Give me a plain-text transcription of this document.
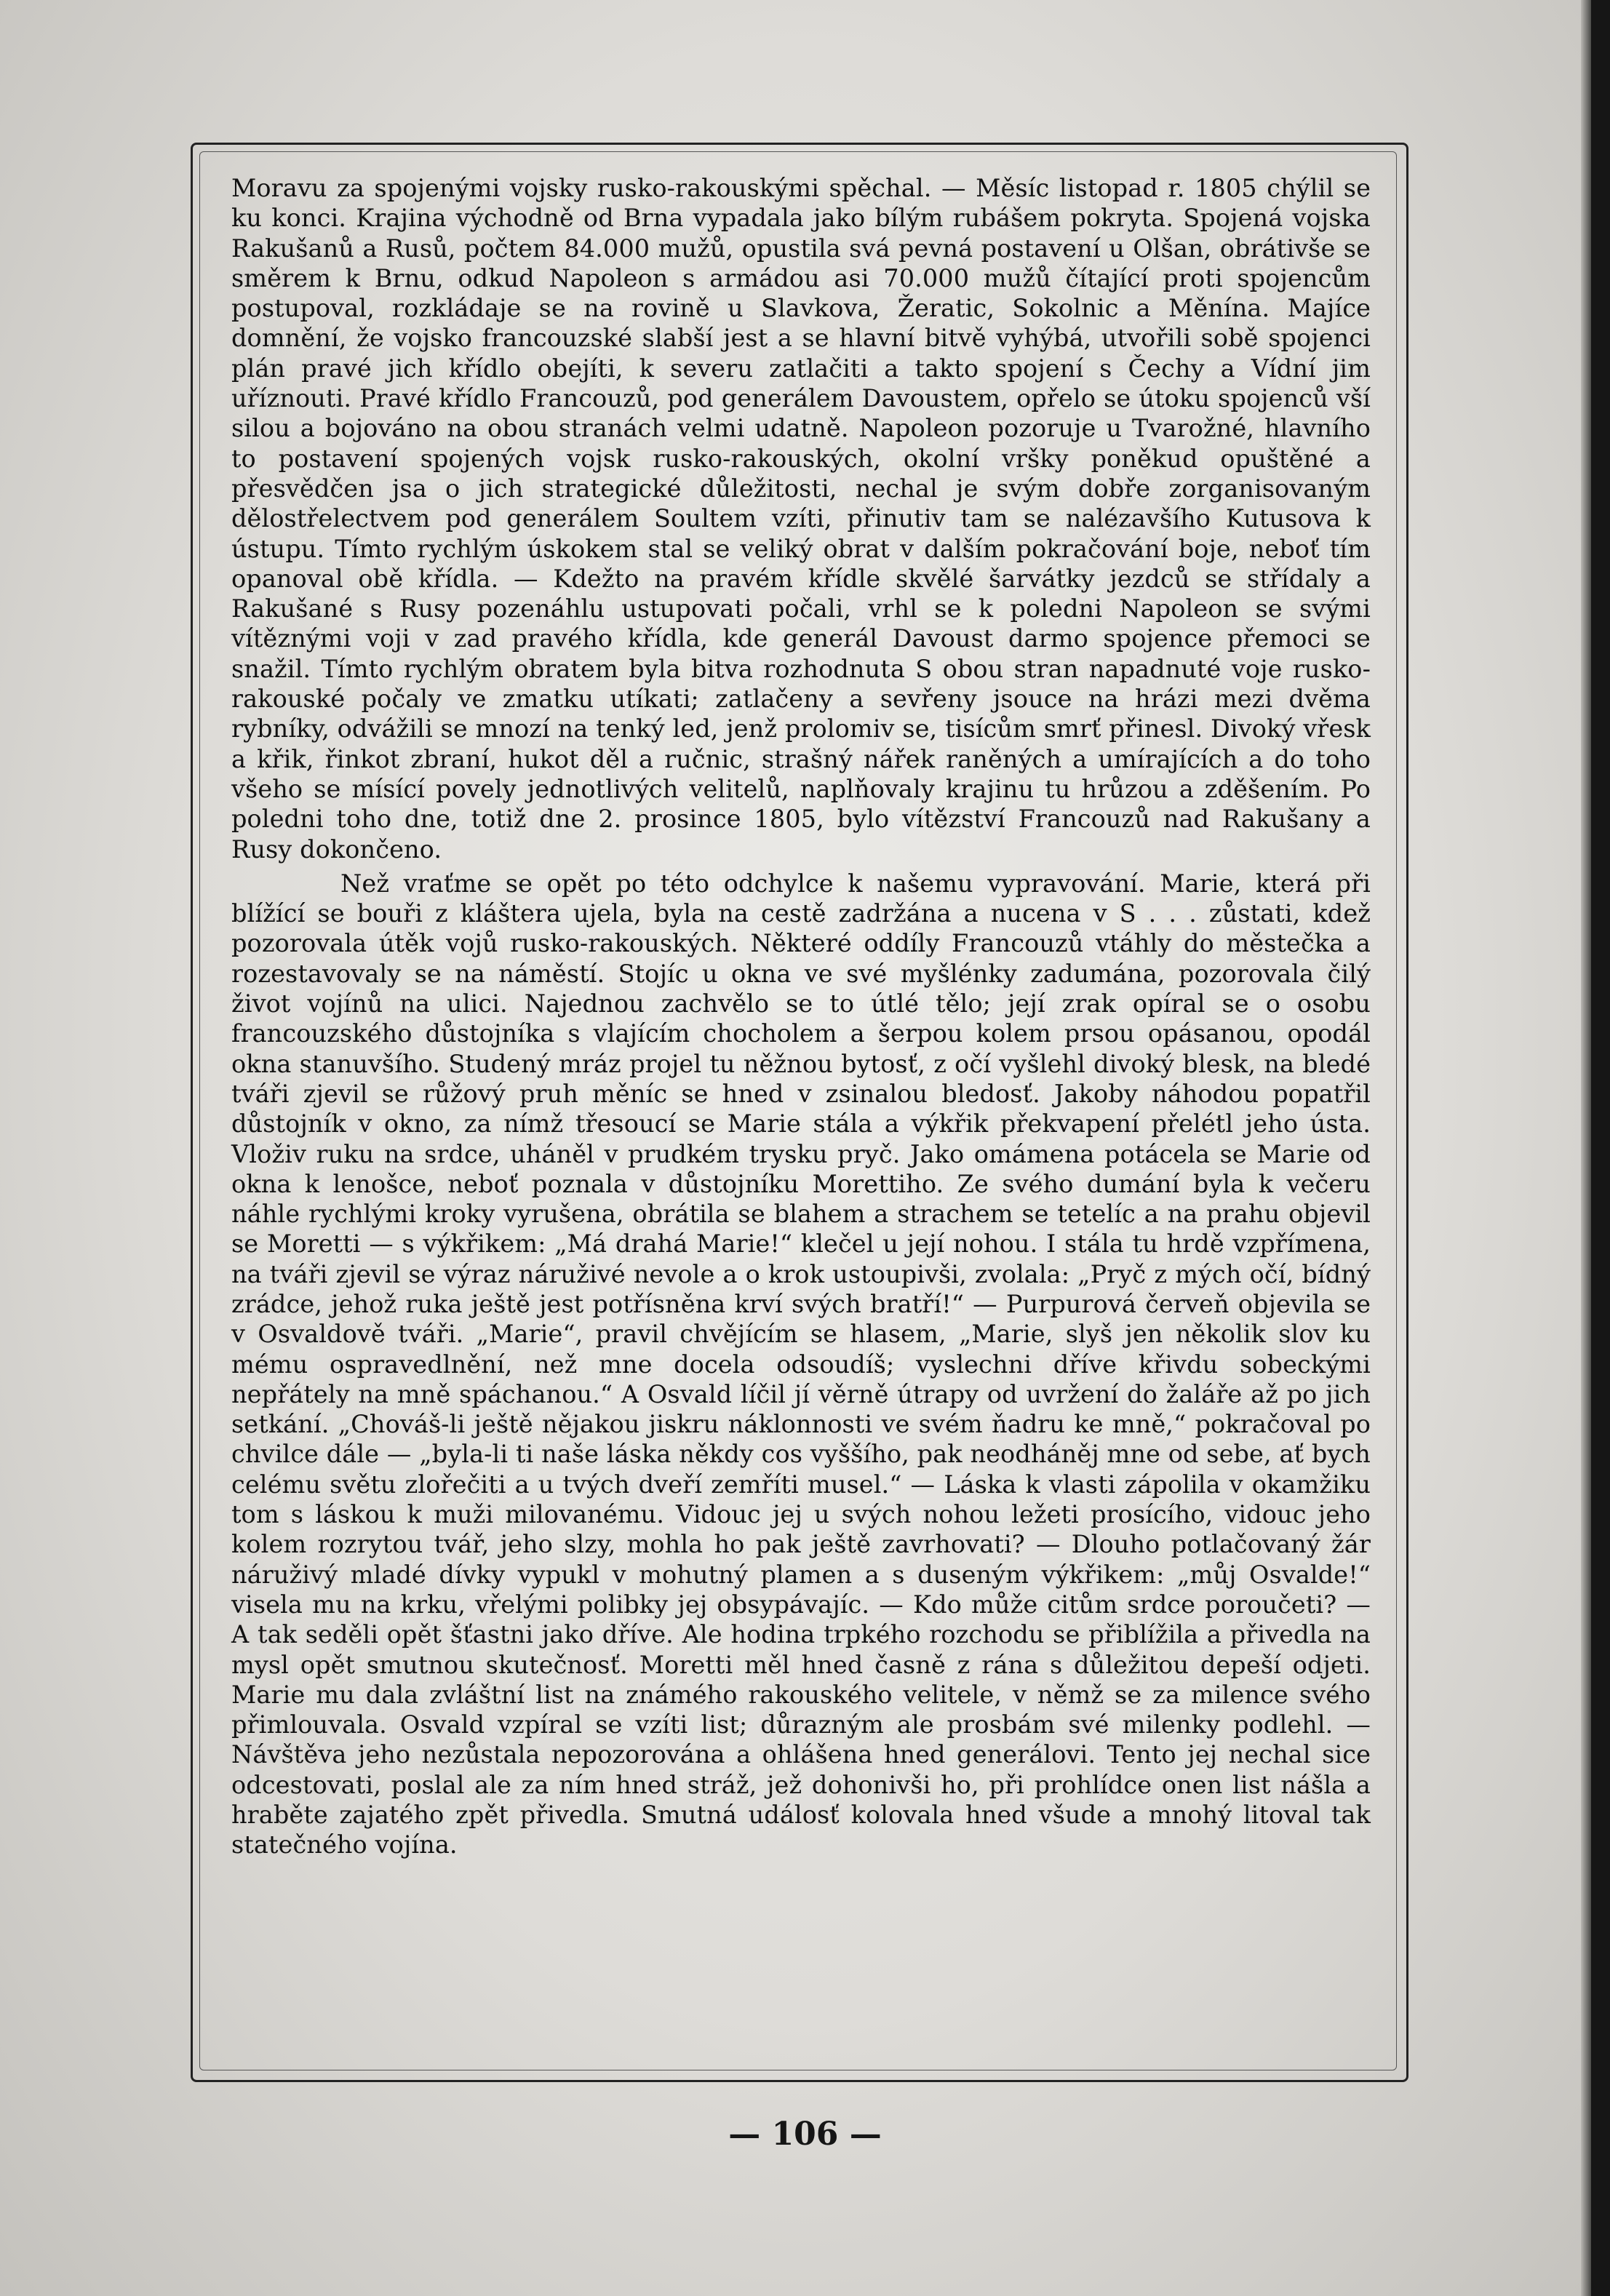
Moravu za spojenými vojsky rusko-rakouskými spěchal. — Měsíc listopad r. 1805 chýlil se ku konci. Krajina východně od Brna vypadala jako bílým rubášem pokryta. Spojená vojska Rakušanů a Rusů, počtem 84.000 mužů, opustila svá pevná postavení u Olšan, obrátivše se směrem k Brnu, odkud Napoleon s armádou asi 70.000 mužů čítající proti spojencům postupoval, rozkládaje se na rovině u Slavkova, Žeratic, Sokolnic a Měnína. Majíce domnění, že vojsko francouzské slabší jest a se hlavní bitvě vyhýbá, utvořili sobě spojenci plán pravé jich křídlo obejíti, k severu zatlačiti a takto spojení s Čechy a Vídní jim uříznouti. Pravé křídlo Francouzů, pod generálem Davoustem, opřelo se útoku spojenců vší silou a bojováno na obou stranách velmi udatně. Napoleon pozoruje u Tvarožné, hlavního to postavení spojených vojsk rusko-rakouských, okolní vršky poněkud opuštěné a přesvědčen jsa o jich strategické důležitosti, nechal je svým dobře zorganisovaným dělostřelectvem pod generálem Soultem vzíti, přinutiv tam se nalézavšího Kutusova k ústupu. Tímto rychlým úskokem stal se veliký obrat v dalším pokračování boje, neboť tím opanoval obě křídla. — Kdežto na pravém křídle skvělé šarvátky jezdců se střídaly a Rakušané s Rusy pozenáhlu ustupovati počali, vrhl se k poledni Napoleon se svými vítěznými voji v zad pravého křídla, kde generál Davoust darmo spojence přemoci se snažil. Tímto rychlým obratem byla bitva rozhodnuta S obou stran napadnuté voje rusko-rakouské počaly ve zmatku utíkati; zatlačeny a sevřeny jsouce na hrázi mezi dvěma rybníky, odvážili se mnozí na tenký led, jenž prolomiv se, tisícům smrť přinesl. Divoký vřesk a křik, řinkot zbraní, hukot děl a ručnic, strašný nářek raněných a umírajících a do toho všeho se mísící povely jednotlivých velitelů, naplňovaly krajinu tu hrůzou a zděšením. Po poledni toho dne, totiž dne 2. prosince 1805, bylo vítězství Francouzů nad Rakušany a Rusy dokončeno.

Než vraťme se opět po této odchylce k našemu vypravování. Marie, která při blížící se bouři z kláštera ujela, byla na cestě zadržána a nucena v S . . . zůstati, kdež pozorovala útěk vojů rusko-rakouských. Některé oddíly Francouzů vtáhly do městečka a rozestavovaly se na náměstí. Stojíc u okna ve své myšlénky zadumána, pozorovala čilý život vojínů na ulici. Najednou zachvělo se to útlé tělo; její zrak opíral se o osobu francouzského důstojníka s vlajícím chocholem a šerpou kolem prsou opásanou, opodál okna stanuvšího. Studený mráz projel tu něžnou bytosť, z očí vyšlehl divoký blesk, na bledé tváři zjevil se růžový pruh měníc se hned v zsinalou bledosť. Jakoby náhodou popatřil důstojník v okno, za nímž třesoucí se Marie stála a výkřik překvapení přelétl jeho ústa. Vloživ ruku na srdce, uháněl v prudkém trysku pryč. Jako omámena potácela se Marie od okna k lenošce, neboť poznala v důstojníku Morettiho. Ze svého dumání byla k večeru náhle rychlými kroky vyrušena, obrátila se blahem a strachem se tetelíc a na prahu objevil se Moretti — s výkřikem: „Má drahá Marie!“ klečel u její nohou. I stála tu hrdě vzpřímena, na tváři zjevil se výraz náruživé nevole a o krok ustoupivši, zvolala: „Pryč z mých očí, bídný zrádce, jehož ruka ještě jest potřísněna krví svých bratří!“ — Purpurová červeň objevila se v Osvaldově tváři. „Marie“, pravil chvějícím se hlasem, „Marie, slyš jen několik slov ku mému ospravedlnění, než mne docela odsoudíš; vyslechni dříve křivdu sobeckými nepřátely na mně spáchanou.“ A Osvald líčil jí věrně útrapy od uvržení do žaláře až po jich setkání. „Chováš-li ještě nějakou jiskru náklonnosti ve svém ňadru ke mně,“ pokračoval po chvilce dále — „byla-li ti naše láska někdy cos vyššího, pak neodháněj mne od sebe, ať bych celému světu zlořečiti a u tvých dveří zemříti musel.“ — Láska k vlasti zápolila v okamžiku tom s láskou k muži milovanému. Vidouc jej u svých nohou ležeti prosícího, vidouc jeho kolem rozrytou tvář, jeho slzy, mohla ho pak ještě zavrhovati? — Dlouho potlačovaný žár náruživý mladé dívky vypukl v mohutný plamen a s duseným výkřikem: „můj Osvalde!“ visela mu na krku, vřelými polibky jej obsypávajíc. — Kdo může citům srdce poroučeti? — A tak seděli opět šťastni jako dříve. Ale hodina trpkého rozchodu se přiblížila a přivedla na mysl opět smutnou skutečnosť. Moretti měl hned časně z rána s důležitou depeší odjeti. Marie mu dala zvláštní list na známého rakouského velitele, v němž se za milence svého přimlouvala. Osvald vzpíral se vzíti list; důrazným ale prosbám své milenky podlehl. — Návštěva jeho nezůstala nepozorována a ohlášena hned generálovi. Tento jej nechal sice odcestovati, poslal ale za ním hned stráž, jež dohonivši ho, při prohlídce onen list nášla a hraběte zajatého zpět přivedla. Smutná událosť kolovala hned všude a mnohý litoval tak statečného vojína.

— 106 —
